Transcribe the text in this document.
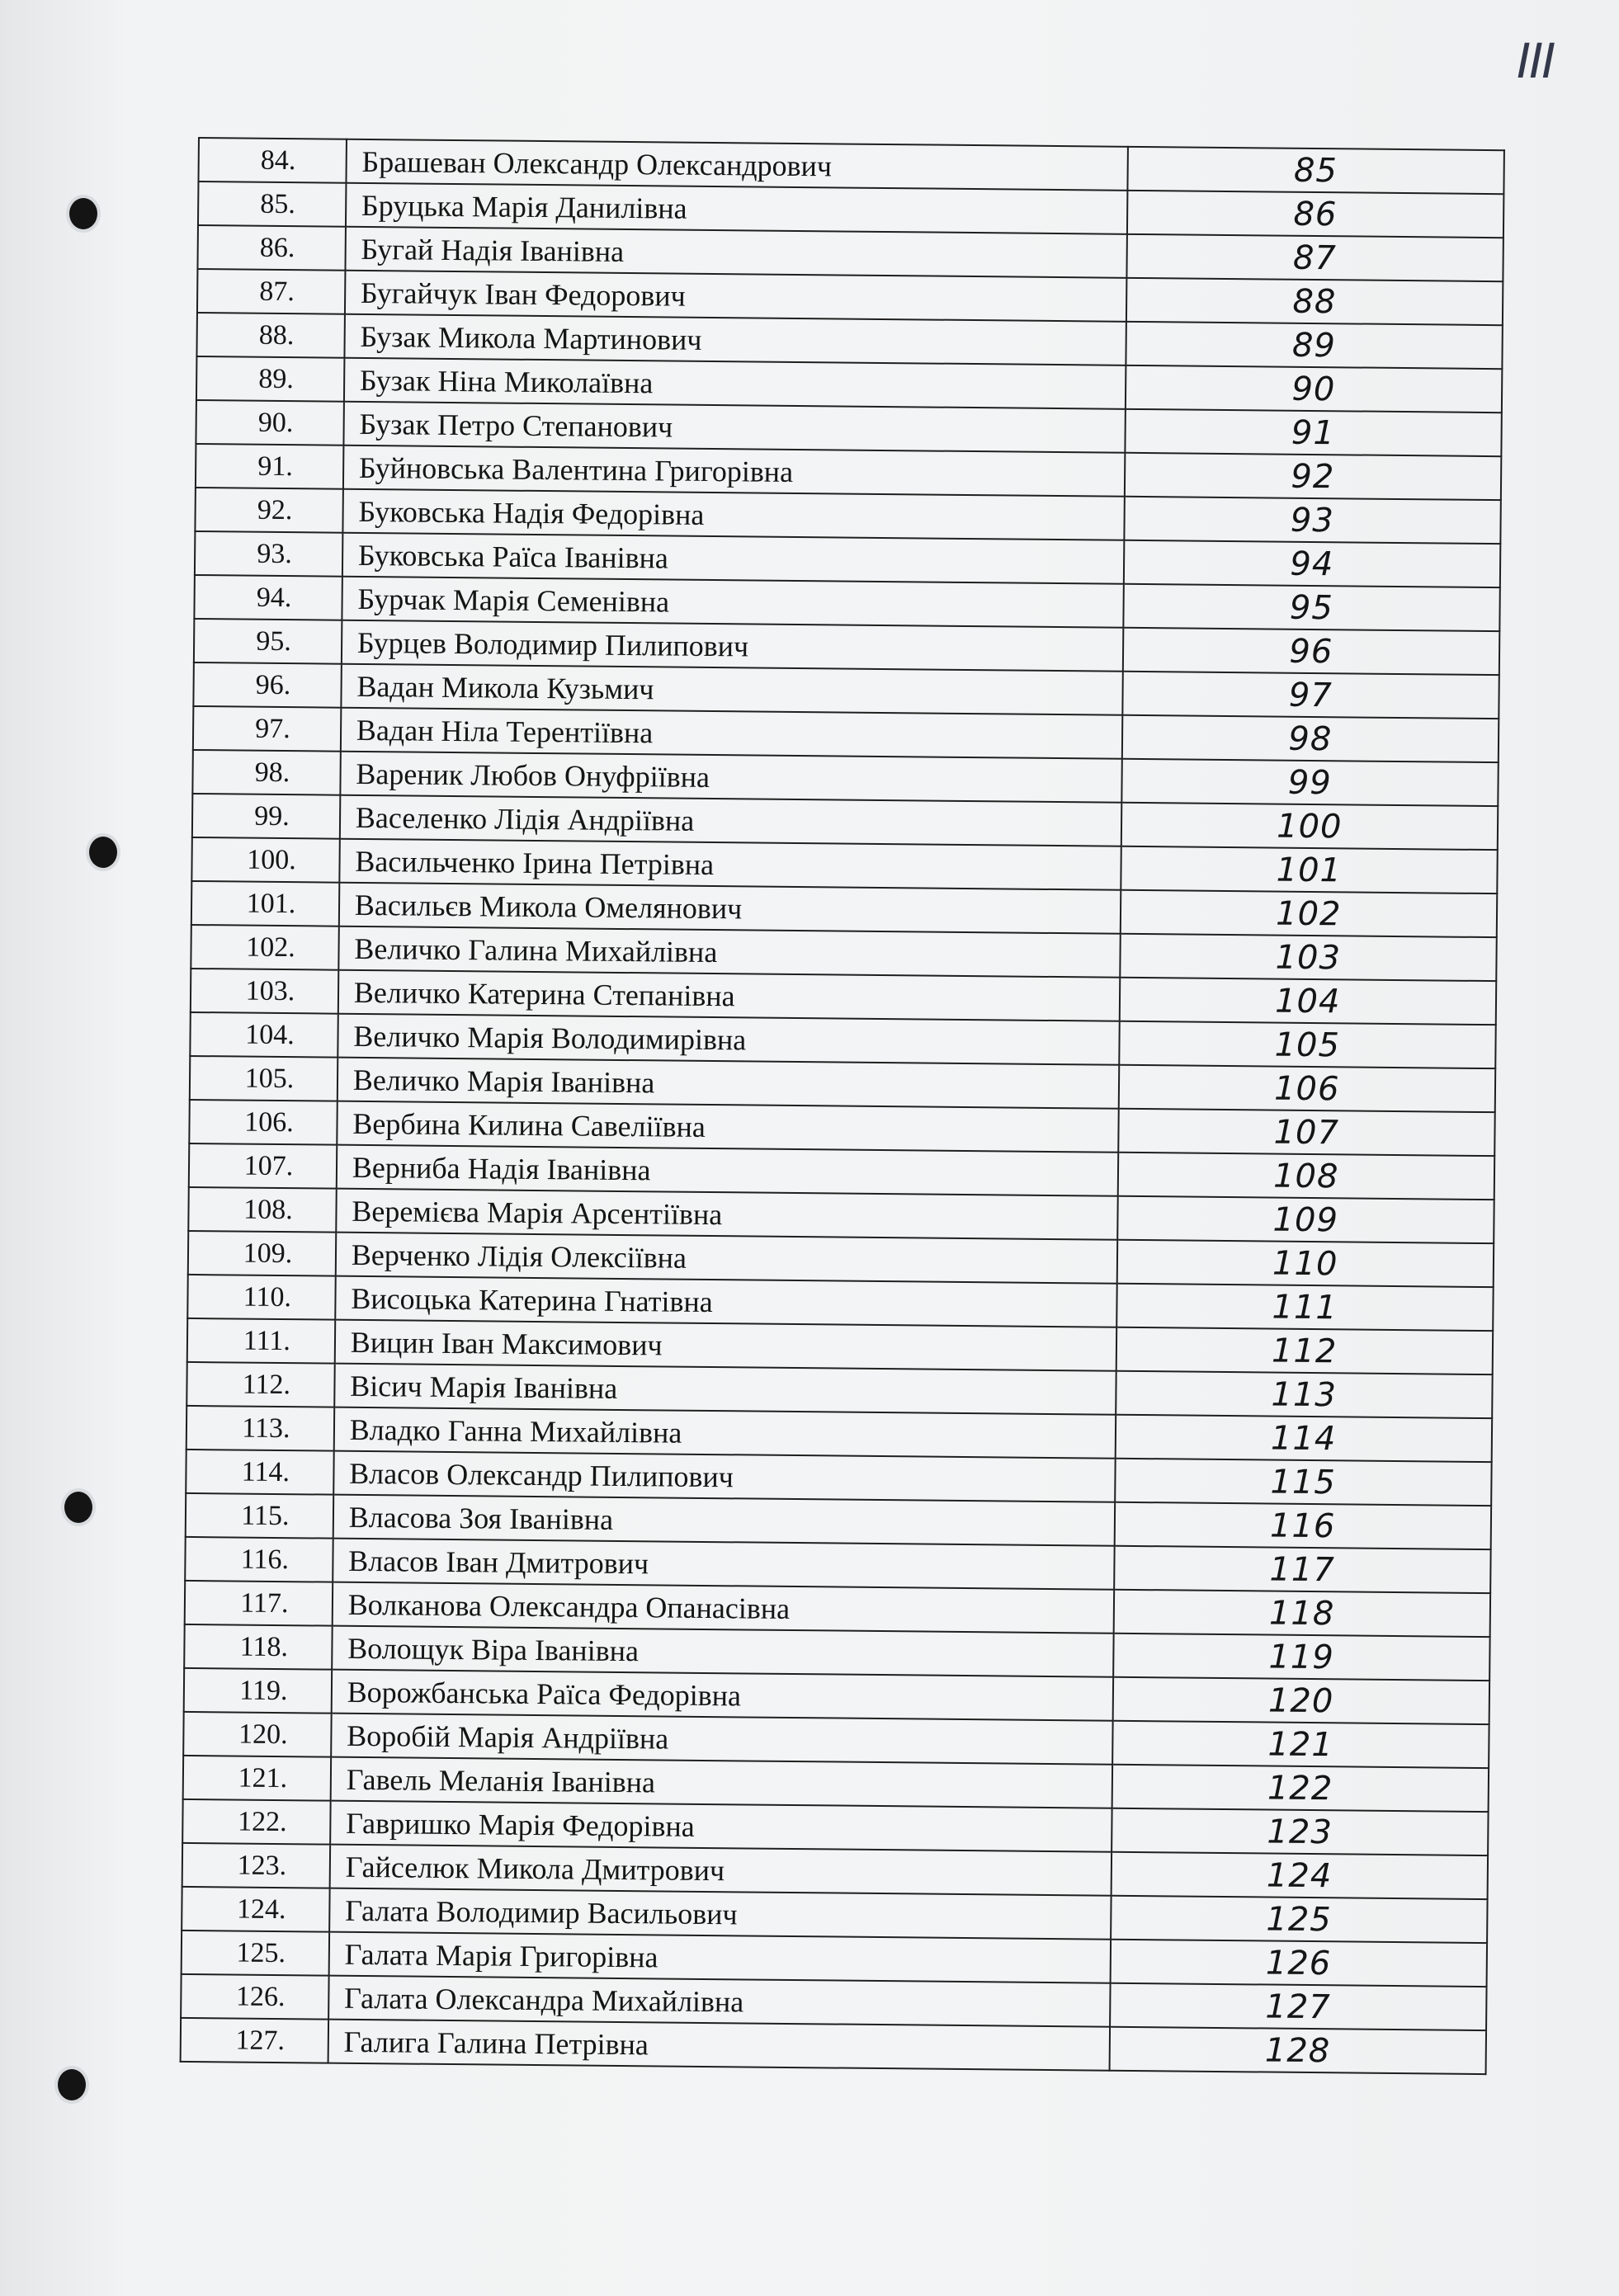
III
84.	Брашеван Олександр Олександрович	85
85.	Бруцька Марія Данилівна	86
86.	Бугай Надія Іванівна	87
87.	Бугайчук Іван Федорович	88
88.	Бузак Микола Мартинович	89
89.	Бузак Ніна Миколаївна	90
90.	Бузак Петро Степанович	91
91.	Буйновська Валентина Григорівна	92
92.	Буковська Надія Федорівна	93
93.	Буковська Раїса Іванівна	94
94.	Бурчак Марія Семенівна	95
95.	Бурцев Володимир Пилипович	96
96.	Вадан Микола Кузьмич	97
97.	Вадан Ніла Терентіївна	98
98.	Вареник Любов Онуфріївна	99
99.	Васеленко Лідія Андріївна	100
100.	Васильченко Ірина Петрівна	101
101.	Васильєв Микола Омелянович	102
102.	Величко Галина Михайлівна	103
103.	Величко Катерина Степанівна	104
104.	Величко Марія Володимирівна	105
105.	Величко Марія Іванівна	106
106.	Вербина Килина Савеліївна	107
107.	Верниба Надія Іванівна	108
108.	Веремієва Марія Арсентіївна	109
109.	Верченко Лідія Олексіївна	110
110.	Висоцька Катерина Гнатівна	111
111.	Вицин Іван Максимович	112
112.	Вісич Марія Іванівна	113
113.	Владко Ганна Михайлівна	114
114.	Власов Олександр Пилипович	115
115.	Власова Зоя Іванівна	116
116.	Власов Іван Дмитрович	117
117.	Волканова Олександра Опанасівна	118
118.	Волощук Віра Іванівна	119
119.	Ворожбанська Раїса Федорівна	120
120.	Воробій Марія Андріївна	121
121.	Гавель Меланія Іванівна	122
122.	Гавришко Марія Федорівна	123
123.	Гайселюк Микола Дмитрович	124
124.	Галата Володимир Васильович	125
125.	Галата Марія Григорівна	126
126.	Галата Олександра Михайлівна	127
127.	Галига Галина Петрівна	128
